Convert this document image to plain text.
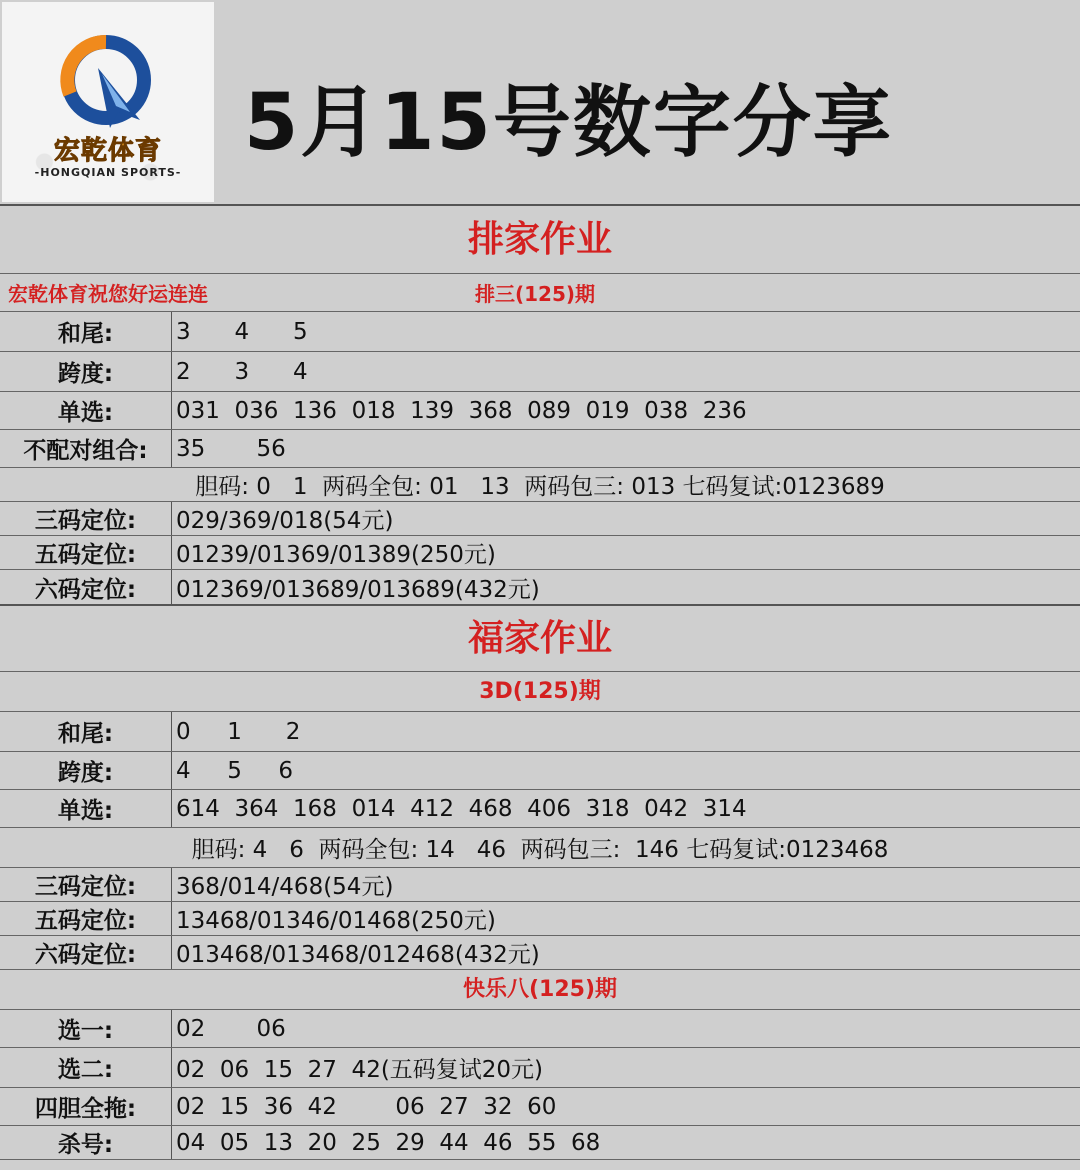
宏乾体育
-HONGQIAN SPORTS-
5月15号数字分享
排家作业
宏乾体育祝您好运连连	排三(125)期
和尾:	3      4      5
跨度:	2      3      4
单选:	031  036  136  018  139  368  089  019  038  236
不配对组合:	35       56
胆码: 0   1  两码全包: 01   13  两码包三: 013 七码复试:0123689
三码定位:	029/369/018(54元)
五码定位:	01239/01369/01389(250元)
六码定位:	012369/013689/013689(432元)
福家作业
3D(125)期
和尾:	0     1      2
跨度:	4     5     6
单选:	614  364  168  014  412  468  406  318  042  314
胆码: 4   6  两码全包: 14   46  两码包三:  146 七码复试:0123468
三码定位:	368/014/468(54元)
五码定位:	13468/01346/01468(250元)
六码定位:	013468/013468/012468(432元)
快乐八(125)期
选一:	02       06
选二:	02  06  15  27  42(五码复试20元)
四胆全拖:	02  15  36  42        06  27  32  60
杀号:	04  05  13  20  25  29  44  46  55  68
